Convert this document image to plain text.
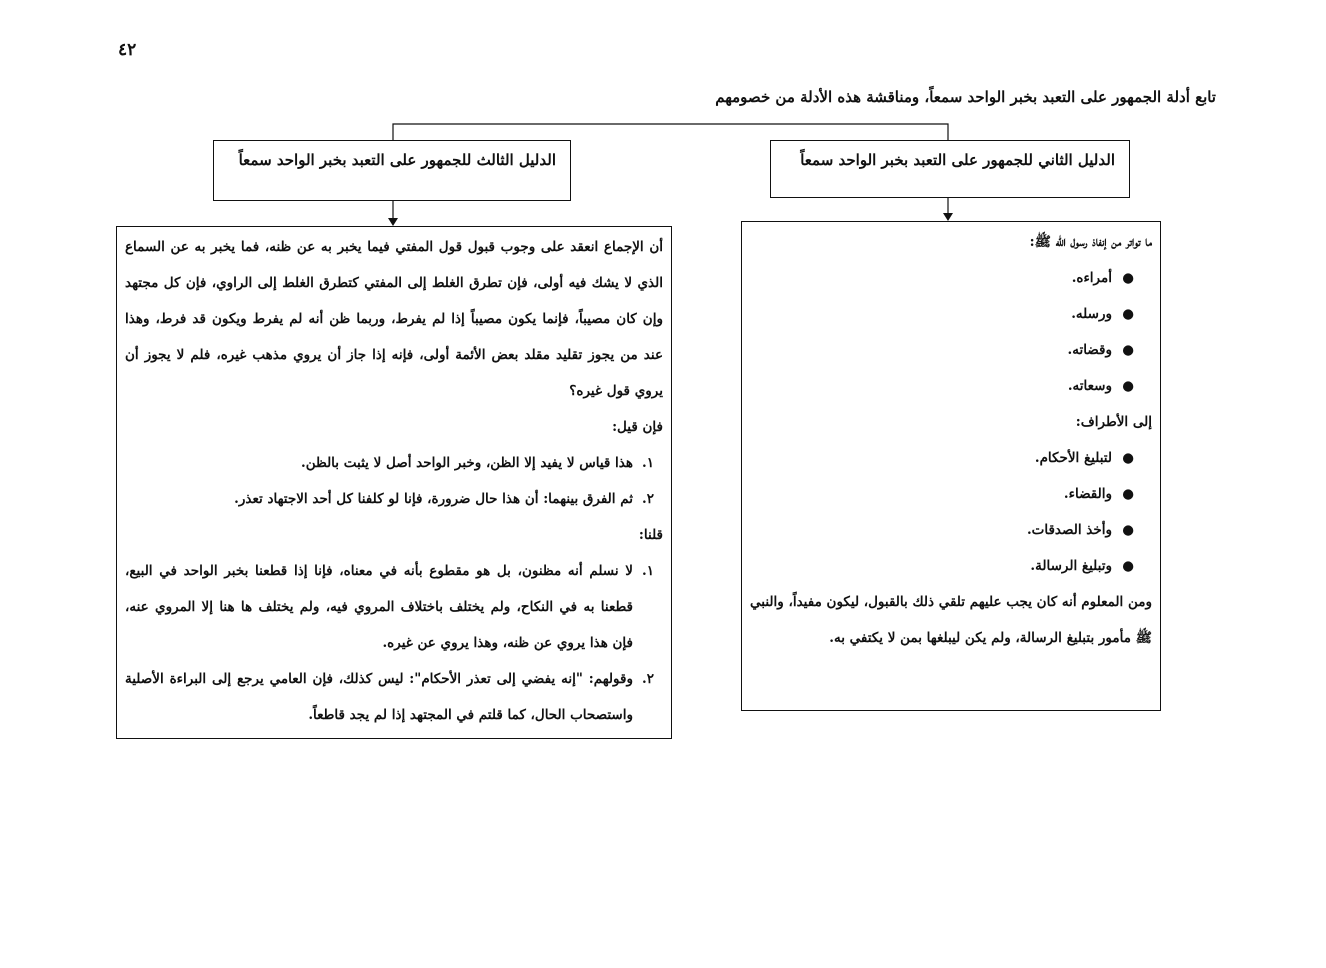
٤٢
تابع أدلة الجمهور على التعبد بخبر الواحد سمعاً، ومناقشة هذه الأدلة من خصومهم
الدليل الثاني للجمهور على التعبد بخبر الواحد سمعاً

ما تواتر من إنفاذ رسول الله ﷺ:

●أمراءه.

●ورسله.

●وقضاته.

●وسعاته.

إلى الأطراف:

●لتبليغ الأحكام.

●والقضاء.

●وأخذ الصدقات.

●وتبليغ الرسالة.

ومن المعلوم أنه كان يجب عليهم تلقي ذلك بالقبول، ليكون مفيداً، والنبي ﷺ مأمور بتبليغ الرسالة، ولم يكن ليبلغها بمن لا يكتفي به.

الدليل الثالث للجمهور على التعبد بخبر الواحد سمعاً

أن الإجماع انعقد على وجوب قبول قول المفتي فيما يخبر به عن ظنه، فما يخبر به عن السماع الذي لا يشك فيه أولى، فإن تطرق الغلط إلى المفتي كتطرق الغلط إلى الراوي، فإن كل مجتهد وإن كان مصيباً، فإنما يكون مصيباً إذا لم يفرط، وربما ظن أنه لم يفرط ويكون قد فرط، وهذا عند من يجوز تقليد مقلد بعض الأئمة أولى، فإنه إذا جاز أن يروي مذهب غيره، فلم لا يجوز أن يروي قول غيره؟

فإن قيل:

١.
هذا قياس لا يفيد إلا الظن، وخبر الواحد أصل لا يثبت بالظن.
٢.
ثم الفرق بينهما: أن هذا حال ضرورة، فإنا لو كلفنا كل أحد الاجتهاد تعذر.

قلنا:

١.
لا نسلم أنه مظنون، بل هو مقطوع بأنه في معناه، فإنا إذا قطعنا بخبر الواحد في البيع، قطعنا به في النكاح، ولم يختلف باختلاف المروي فيه، ولم يختلف ها هنا إلا المروي عنه، فإن هذا يروي عن ظنه، وهذا يروي عن غيره.
٢.
وقولهم: "إنه يفضي إلى تعذر الأحكام": ليس كذلك، فإن العامي يرجع إلى البراءة الأصلية واستصحاب الحال، كما قلتم في المجتهد إذا لم يجد قاطعاً.
